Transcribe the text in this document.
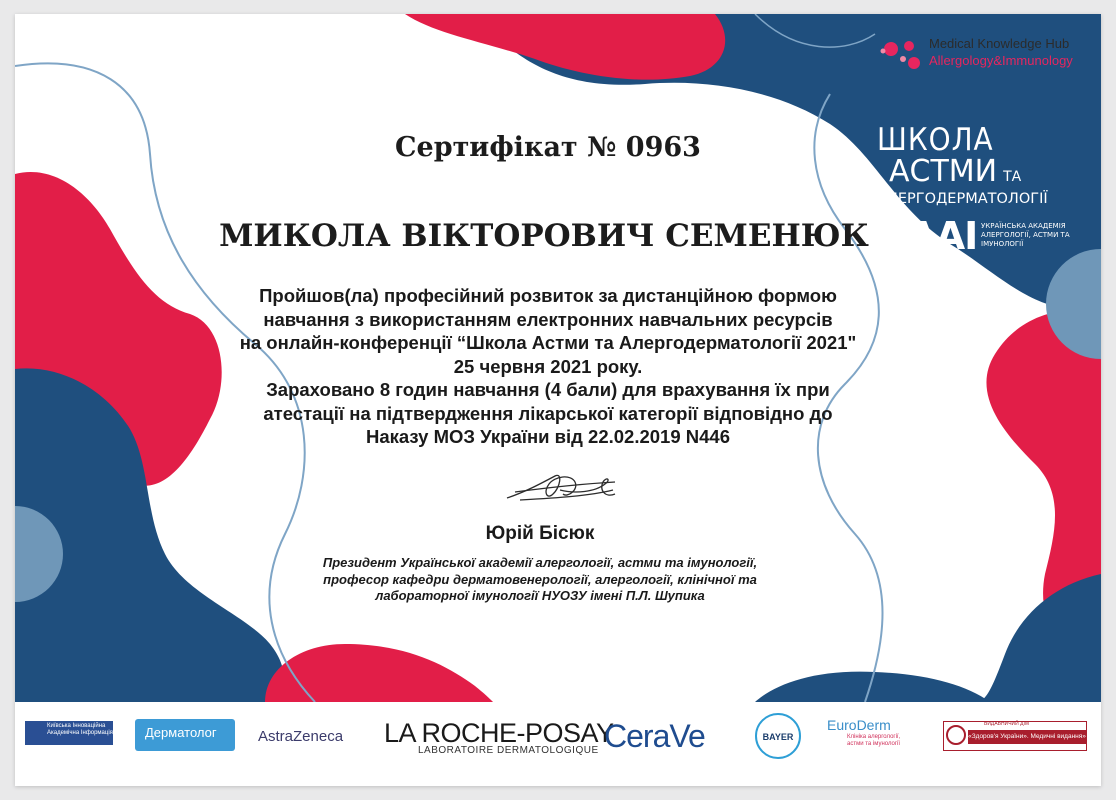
Medical Knowledge Hub
Allergology&Immunology
ШКОЛА
АСТМИ ТА
АЛЕРГОДЕРМАТОЛОГІЇ
УААІ УКРАЇНСЬКА АКАДЕМІЯ
АЛЕРГОЛОГІЇ, АСТМИ ТА
ІМУНОЛОГІЇ
Сертифікат № 0963
МИКОЛА ВІКТОРОВИЧ СЕМЕНЮК
Пройшов(ла) професійний розвиток за дистанційною формою
навчання з використанням електронних навчальних ресурсів
на онлайн-конференції “Школа Астми та Алергодерматології 2021"
25 червня 2021 року.
Зараховано 8 годин навчання (4 бали) для врахування їх при
атестації на підтвердження лікарської категорії відповідно до
Наказу МОЗ України від 22.02.2019 N446
Юрій Бісюк
Президент Української академії алергології, астми та імунології,
професор кафедри дерматовенерології, алергології, клінічної та
лабораторної імунології НУОЗУ імені П.Л. Шупика
Київська Інноваційна Академічна Інформація	Дерматолог	AstraZeneca LA ROCHE-POSAY
LABORATOIRE DERMATOLOGIQUE CeraVe	BAYER
EuroDerm
Клініка алергології,
астми та імунології
ВИДАВНИЧИЙ ДІМ
«Здоров'я України». Медичні видання»
